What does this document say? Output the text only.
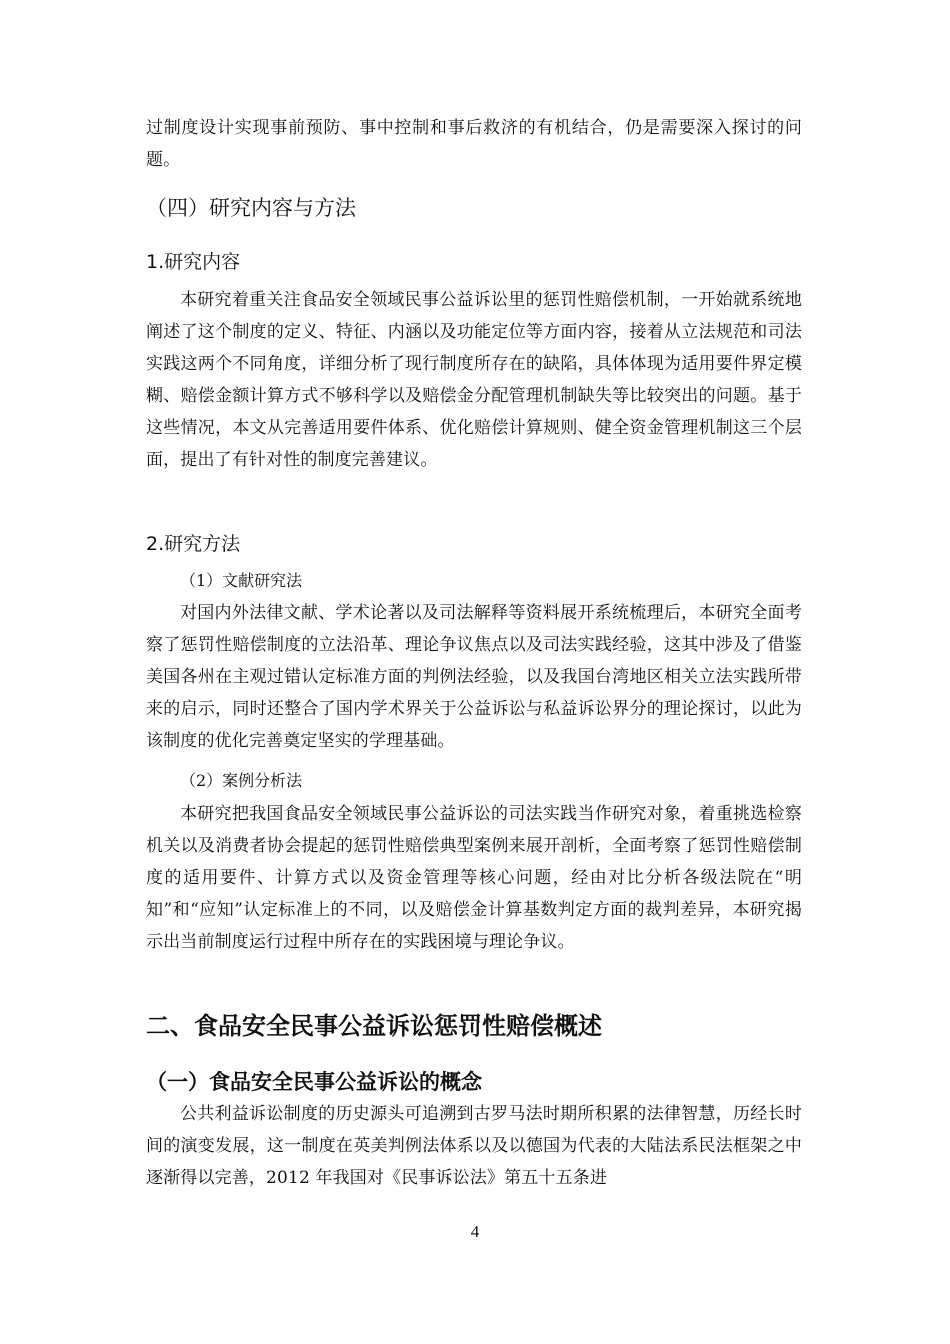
过制度设计实现事前预防、事中控制和事后救济的有机结合，仍是需要深入探讨的问题。

（四）研究内容与方法
1.研究内容

本研究着重关注食品安全领域民事公益诉讼里的惩罚性赔偿机制，一开始就系统地阐述了这个制度的定义、特征、内涵以及功能定位等方面内容，接着从立法规范和司法实践这两个不同角度，详细分析了现行制度所存在的缺陷，具体体现为适用要件界定模糊、赔偿金额计算方式不够科学以及赔偿金分配管理机制缺失等比较突出的问题。基于这些情况，本文从完善适用要件体系、优化赔偿计算规则、健全资金管理机制这三个层面，提出了有针对性的制度完善建议。

2.研究方法

（1）文献研究法

对国内外法律文献、学术论著以及司法解释等资料展开系统梳理后，本研究全面考察了惩罚性赔偿制度的立法沿革、理论争议焦点以及司法实践经验，这其中涉及了借鉴美国各州在主观过错认定标准方面的判例法经验，以及我国台湾地区相关立法实践所带来的启示，同时还整合了国内学术界关于公益诉讼与私益诉讼界分的理论探讨，以此为该制度的优化完善奠定坚实的学理基础。

（2）案例分析法

本研究把我国食品安全领域民事公益诉讼的司法实践当作研究对象，着重挑选检察机关以及消费者协会提起的惩罚性赔偿典型案例来展开剖析，全面考察了惩罚性赔偿制度的适用要件、计算方式以及资金管理等核心问题，经由对比分析各级法院在“明知”和“应知”认定标准上的不同，以及赔偿金计算基数判定方面的裁判差异，本研究揭示出当前制度运行过程中所存在的实践困境与理论争议。

二、食品安全民事公益诉讼惩罚性赔偿概述
（一）食品安全民事公益诉讼的概念

公共利益诉讼制度的历史源头可追溯到古罗马法时期所积累的法律智慧，历经长时间的演变发展，这一制度在英美判例法体系以及以德国为代表的大陆法系民法框架之中逐渐得以完善，2012 年我国对《民事诉讼法》第五十五条进

4
